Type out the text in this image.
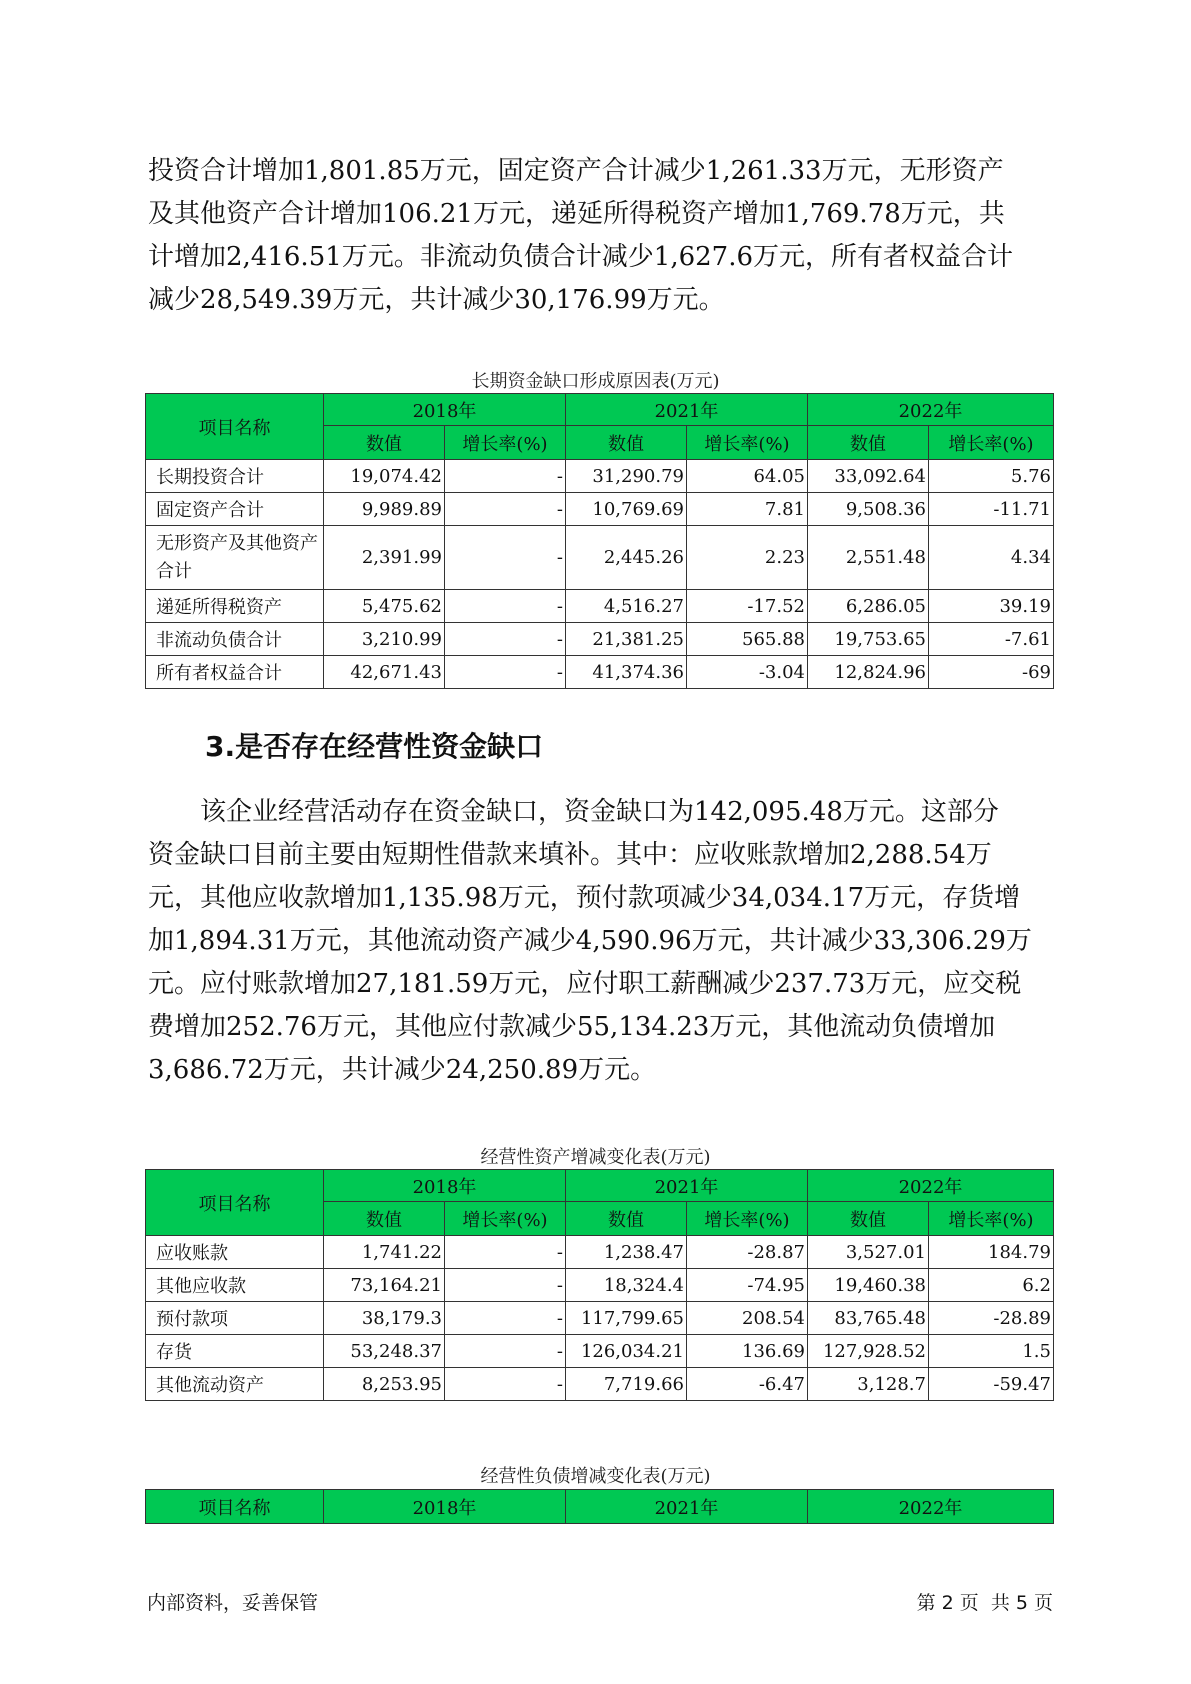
投资合计增加1,801.85万元，固定资产合计减少1,261.33万元，无形资产
及其他资产合计增加106.21万元，递延所得税资产增加1,769.78万元，共
计增加2,416.51万元。非流动负债合计减少1,627.6万元，所有者权益合计
减少28,549.39万元，共计减少30,176.99万元。

长期资金缺口形成原因表(万元)
项目名称	2018年		2021年		2022年	
	数值	增长率(%)	数值	增长率(%)	数值	增长率(%)
长期投资合计	19,074.42	-	31,290.79	64.05	33,092.64	5.76
固定资产合计	9,989.89	-	10,769.69	7.81	9,508.36	-11.71
无形资产及其他资产合计	2,391.99	-	2,445.26	2.23	2,551.48	4.34
递延所得税资产	5,475.62	-	4,516.27	-17.52	6,286.05	39.19
非流动负债合计	3,210.99	-	21,381.25	565.88	19,753.65	-7.61
所有者权益合计	42,671.43	-	41,374.36	-3.04	12,824.96	-69
3.是否存在经营性资金缺口

该企业经营活动存在资金缺口，资金缺口为142,095.48万元。这部分
资金缺口目前主要由短期性借款来填补。其中：应收账款增加2,288.54万
元，其他应收款增加1,135.98万元，预付款项减少34,034.17万元，存货增
加1,894.31万元，其他流动资产减少4,590.96万元，共计减少33,306.29万
元。应付账款增加27,181.59万元，应付职工薪酬减少237.73万元，应交税
费增加252.76万元，其他应付款减少55,134.23万元，其他流动负债增加
3,686.72万元，共计减少24,250.89万元。

经营性资产增减变化表(万元)
项目名称	2018年		2021年		2022年	
	数值	增长率(%)	数值	增长率(%)	数值	增长率(%)
应收账款	1,741.22	-	1,238.47	-28.87	3,527.01	184.79
其他应收款	73,164.21	-	18,324.4	-74.95	19,460.38	6.2
预付款项	38,179.3	-	117,799.65	208.54	83,765.48	-28.89
存货	53,248.37	-	126,034.21	136.69	127,928.52	1.5
其他流动资产	8,253.95	-	7,719.66	-6.47	3,128.7	-59.47
经营性负债增减变化表(万元)
项目名称	2018年	2021年	2022年
内部资料，妥善保管	第 2 页  共 5 页
